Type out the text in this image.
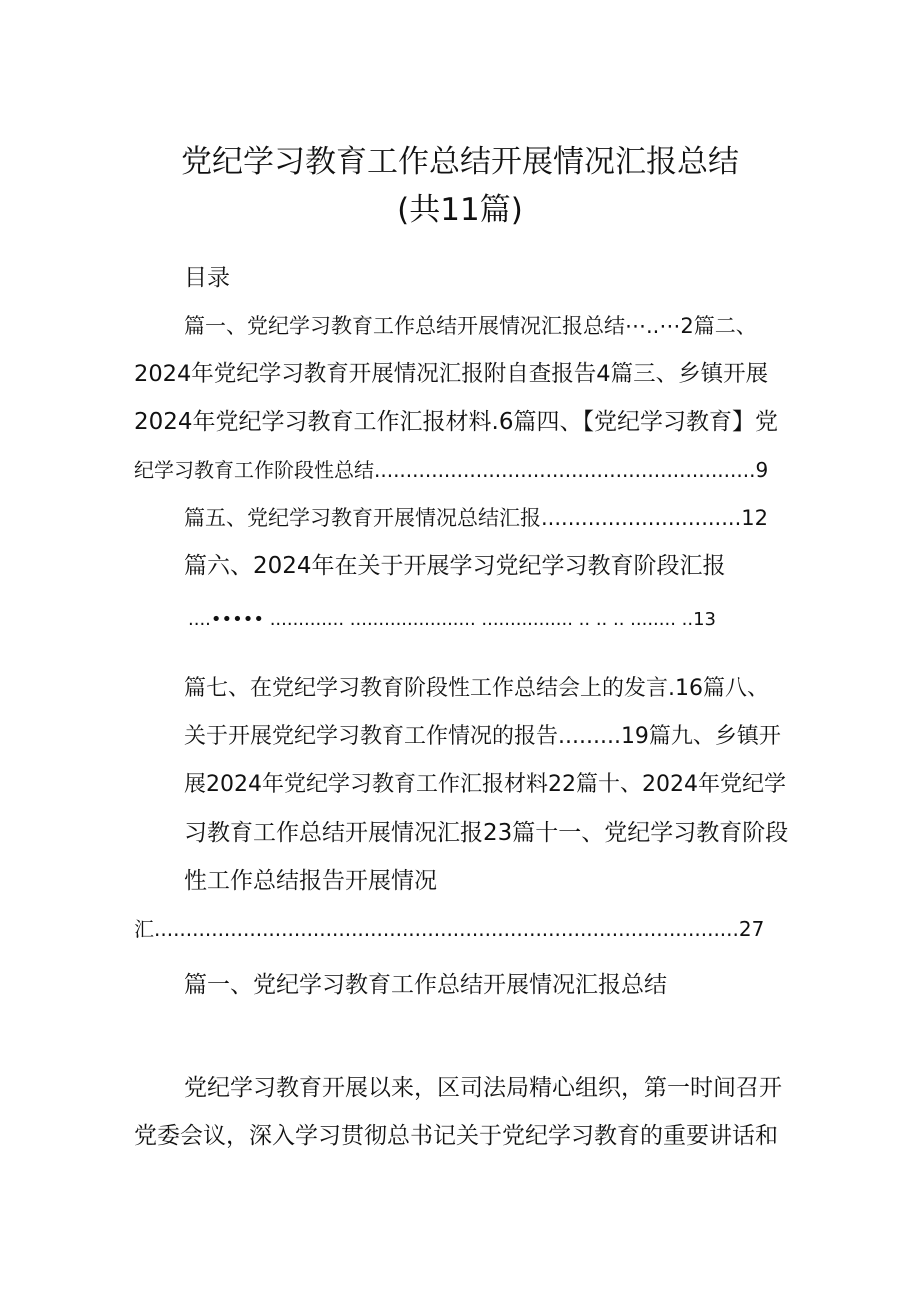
党纪学习教育工作总结开展情况汇报总结
(共11篇)
目录
篇一、党纪学习教育工作总结开展情况汇报总结⋯..⋯2篇二、
2024年党纪学习教育开展情况汇报附自查报告4篇三、乡镇开展
2024年党纪学习教育工作汇报材料.6篇四、【党纪学习教育】党
纪学习教育工作阶段性总结............................................................9
篇五、党纪学习教育开展情况总结汇报..............................12
篇六、2024年在关于开展学习党纪学习教育阶段汇报
....••••• ............. ...................... ................ .. .. .. ........ ..13
篇七、在党纪学习教育阶段性工作总结会上的发言.16篇八、
关于开展党纪学习教育工作情况的报告.........19篇九、乡镇开
展2024年党纪学习教育工作汇报材料22篇十、2024年党纪学
习教育工作总结开展情况汇报23篇十一、党纪学习教育阶段
性工作总结报告开展情况
汇............................................................................................27
篇一、党纪学习教育工作总结开展情况汇报总结
党纪学习教育开展以来，区司法局精心组织，第一时间召开
党委会议，深入学习贯彻总书记关于党纪学习教育的重要讲话和
